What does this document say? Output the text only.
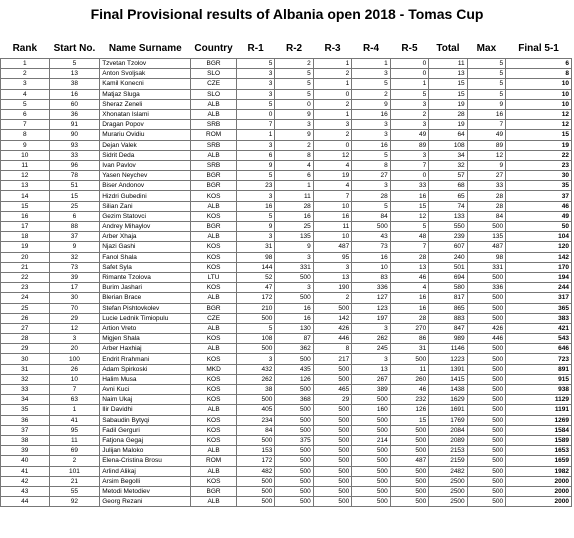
Final Provisional results of Albania open 2018 - Tomas Cup
Rank	Start No.	Name Surname	Country	R-1	R-2	R-3	R-4	R-5	Total	Max	Final 5-1
1	5	Tzvetan Tzolov	BGR	5	2	1	1	0	11	5	6
2	13	Anton Svoljsak	SLO	3	5	2	3	0	13	5	8
3	38	Kamil Konecni	CZE	3	5	1	5	1	15	5	10
4	16	Matjaz Sluga	SLO	3	5	0	2	5	15	5	10
5	60	Sheraz Zeneli	ALB	5	0	2	9	3	19	9	10
6	36	Xhonatan Islami	ALB	0	9	1	16	2	28	16	12
7	91	Dragan Popov	SRB	7	3	3	3	3	19	7	12
8	90	Murariu Ovidiu	ROM	1	9	2	3	49	64	49	15
9	93	Dejan Valek	SRB	3	2	0	16	89	108	89	19
10	33	Sidrit Deda	ALB	6	8	12	5	3	34	12	22
11	96	Ivan Pavlov	SRB	9	4	4	8	7	32	9	23
12	78	Yasen Neychev	BGR	5	6	19	27	0	57	27	30
13	51	Biser Andonov	BGR	23	1	4	3	33	68	33	35
14	15	Hizdri Gubedini	KOS	3	11	7	28	16	65	28	37
15	25	Silian Zani	ALB	16	28	10	5	15	74	28	46
16	6	Gezim Statovci	KOS	5	16	16	84	12	133	84	49
17	88	Andrey Mihaylov	BGR	9	25	11	500	5	550	500	50
18	37	Arber Xhaja	ALB	3	135	10	43	48	239	135	104
19	9	Njazi Gashi	KOS	31	9	487	73	7	607	487	120
20	32	Fanol Shala	KOS	98	3	95	16	28	240	98	142
21	73	Safet Syla	KOS	144	331	3	10	13	501	331	170
22	39	Rimante Tzolova	LTU	52	500	13	83	46	694	500	194
23	17	Burim Jashari	KOS	47	3	190	336	4	580	336	244
24	30	Blerian Brace	ALB	172	500	2	127	16	817	500	317
25	70	Stefan Pishtovkolev	BGR	210	16	500	123	16	865	500	365
26	29	Lucie Lednik Timiopulu	CZE	500	16	142	197	28	883	500	383
27	12	Artion Vreto	ALB	5	130	426	3	270	847	426	421
28	3	Migjen Shala	KOS	108	87	446	262	86	989	446	543
29	20	Arber Haxhiaj	ALB	500	362	8	245	31	1146	500	646
30	100	Endrit Rrahmani	KOS	3	500	217	3	500	1223	500	723
31	26	Adam Spirkoski	MKD	432	435	500	13	11	1391	500	891
32	10	Halim Musa	KOS	262	126	500	267	260	1415	500	915
33	7	Avni Kuci	KOS	38	500	465	389	46	1438	500	938
34	63	Naim Ukaj	KOS	500	368	29	500	232	1629	500	1129
35	1	Ilir Davidhi	ALB	405	500	500	160	126	1691	500	1191
36	41	Sabaudin Bytyqi	KOS	234	500	500	500	15	1769	500	1269
37	95	Fadil Gerguri	KOS	84	500	500	500	500	2084	500	1584
38	11	Fatjona Gegaj	KOS	500	375	500	214	500	2089	500	1589
39	69	Julijan Maloko	ALB	153	500	500	500	500	2153	500	1653
40	2	Elena-Cristina Brosu	ROM	172	500	500	500	487	2159	500	1659
41	101	Arlind Alikaj	ALB	482	500	500	500	500	2482	500	1982
42	21	Arsim Begolli	KOS	500	500	500	500	500	2500	500	2000
43	55	Metodi Metodiev	BGR	500	500	500	500	500	2500	500	2000
44	92	Georg Rezani	ALB	500	500	500	500	500	2500	500	2000
